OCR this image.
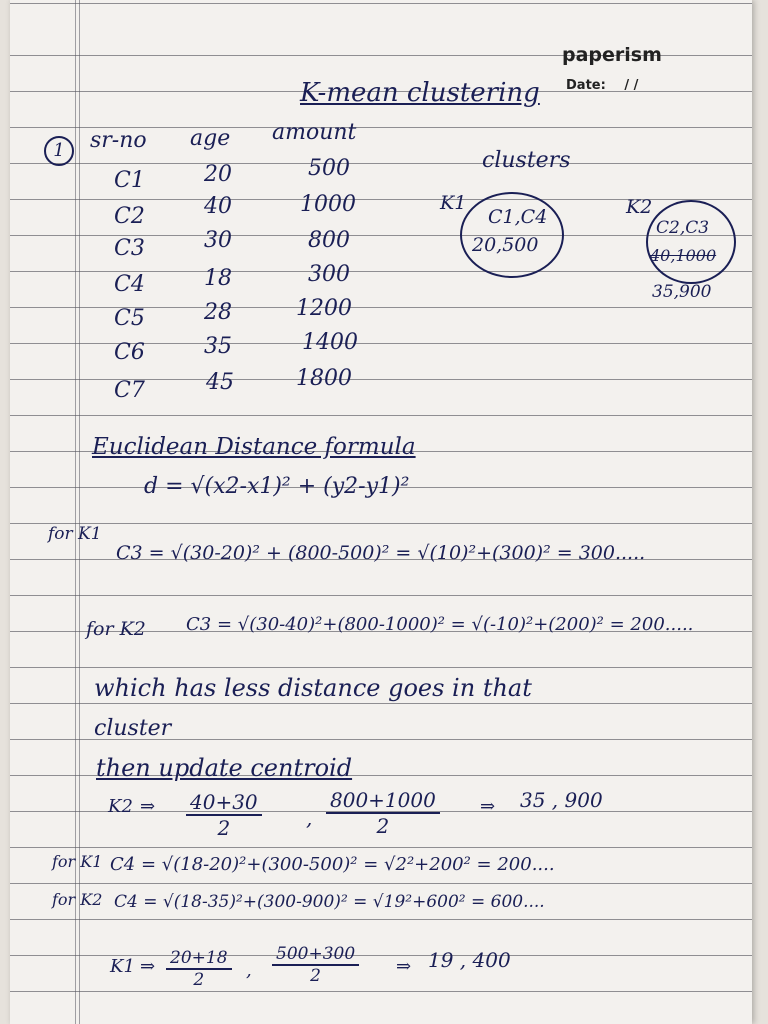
paperism
Date: / /
K-mean clustering
1	sr-no age amount
C1	20	500
C2	40	1000
C3	30	800
C4	18	300
C5	28	1200
C6	35	1400
C7	45	1800
clusters
K1
C1,C4
20,500
K2
C2,C3
40,1000
35,900
Euclidean Distance formula
d = √(x2-x1)² + (y2-y1)²
for K1
C3 = √(30-20)² + (800-500)² = √(10)²+(300)² = 300.....
for K2 C3 = √(30-40)²+(800-1000)² = √(-10)²+(200)² = 200.....
which has less distance goes in that
cluster
then update centroid
K2 ⇒ $\frac{40+30}{2}$ , $\frac{800+1000}{2}$ ⇒ 35 , 900
for K1 C4 = √(18-20)²+(300-500)² = √2²+200² = 200....
for K2 C4 = √(18-35)²+(300-900)² = √19²+600² = 600....
K1 ⇒ $\frac{20+18}{2}$ , $\frac{500+300}{2}$ ⇒ 19 , 400
